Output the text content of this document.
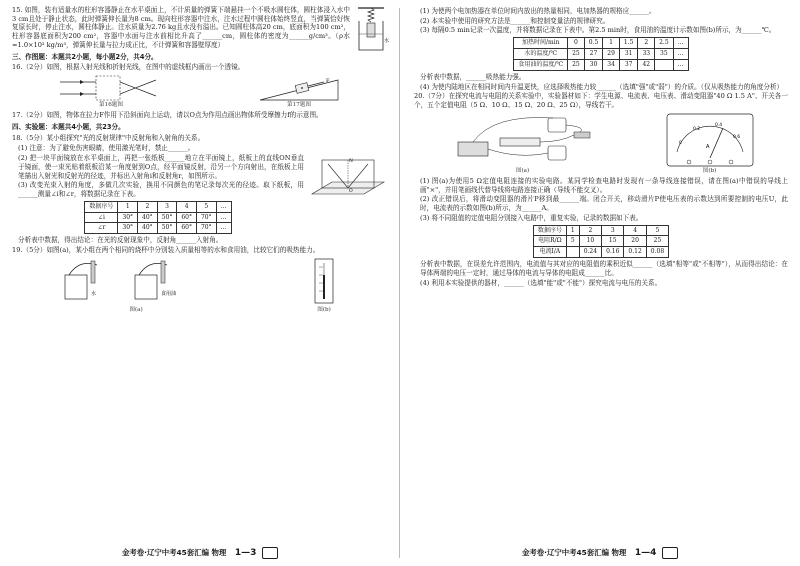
水
15. 如图，装有适量水的柱形容器静止在水平桌面上，不计质量的弹簧下端悬挂一个不吸水圆柱体，圆柱体浸入水中3 cm且处于静止状态，此时弹簧伸长量为8 cm。现向柱形容器中注水，注水过程中圆柱体始终竖直，当弹簧恰好恢复原长时，停止注水，圆柱体静止。注水质量为2.76 kg且水没有溢出。已知圆柱体高20 cm，底面积为100 cm²，柱形容器底面积为200 cm²，容器中水面与注水前相比升高了______cm，圆柱体的密度为______g/cm³。（ρ水=1.0×10³ kg/m³，弹簧伸长量与拉力成正比，不计弹簧和容器壁厚度）
三、作图题：本题共2小题，每小题2分，共4分。
16.（2分）如图，根据入射光线和折射光线，在图中的虚线框内画出一个透镜。
第16题图
F
第17题图
17.（2分）如图，物体在拉力F作用下沿斜面向上运动，请以O点为作用点画出物体所受摩擦力f的示意图。
四、实验题：本题共4小题，共23分。
18.（5分）某小组探究"光的反射规律"中反射角和入射角的关系。
(1) 注意：为了避免伤害眼睛，使用激光笔时，禁止______。
N
O
(2) 把一块平面镜放在水平桌面上，再把一张纸板______地立在平面镜上，纸板上的直线ON垂直于镜面，使一束光贴着纸板沿某一角度射到O点，经平面镜反射，沿另一个方向射出，在纸板上用笔描出入射光和反射光的径迹，并标出入射角i和反射角r，如图所示。
(3) 改变光束入射的角度，多做几次实验，换用不同颜色的笔记录每次光的径迹。取下纸板，用______测量∠i和∠r，将数据记录在下表。
数据序号	1	2	3	4	5	…
∠i	30°	40°	50°	60°	70°	…
∠r	30°	40°	50°	60°	70°	…
分析表中数据，得出结论：在光的反射现象中，反射角______入射角。
19.（5分）如图(a)，某小组在两个相同的烧杯中分别装入质量相等的水和食用油，比较它们的吸热能力。
水	食用油
图(a)	图(b)
金考卷·辽宁中考45套汇编 物理 1—3
(1) 为使两个电加热器在单位时间内放出的热量相同，电加热器的规格应______。
(2) 本实验中使用的研究方法是______和控制变量法的规律研究。
(3) 每隔0.5 min记录一次温度，并将数据记录在下表中。第2.5 min时，食用油的温度计示数如图(b)所示，为______℃。
加热时间/min	0	0.5	1	1.5	2	2.5	…
水的温度/℃	25	27	29	31	33	35	…
食用油的温度/℃	25	30	34	37	42		…
分析表中数据，______吸热能力强。
(4) 为使内陆地区在相同时间内升温更快，应选择吸热能力较______（选填"强"或"弱"）的介质。（仅从吸热能力的角度分析）
20.（7分）在探究电流与电阻的关系实验中，实验器材如下：学生电源、电流表、电压表、滑动变阻器"40 Ω 1.5 A"、开关各一个，五个定值电阻（5 Ω、10 Ω、15 Ω、20 Ω、25 Ω），导线若干。
图(a)
0
0.2
0.4
0.6
A
图(b)
(1) 图(a)为使用5 Ω定值电阻连接的实验电路。某同学检查电路时发现有一条导线连接错误，请在图(a)中错误的导线上画"×"，并用笔画线代替导线将电路连接正确（导线不能交叉）。
(2) 改正错误后，将滑动变阻器的滑片P移到最______端。闭合开关，移动滑片P使电压表的示数达到所要控制的电压U，此时，电流表的示数如图(b)所示，为______A。
(3) 将不同阻值的定值电阻分别接入电路中，重复实验，记录的数据如下表。
数据序号	1	2	3	4	5
电阻R/Ω	5	10	15	20	25
电流I/A		0.24	0.16	0.12	0.08
分析表中数据，在误差允许范围内，电流值与其对应的电阻值的乘积近似______（选填"相等"或"不相等"），从而得出结论：在导体两端的电压一定时，通过导体的电流与导体的电阻成______比。
(4) 利用本实验提供的器材，______（选填"能"或"不能"）探究电流与电压的关系。
金考卷·辽宁中考45套汇编 物理 1—4
